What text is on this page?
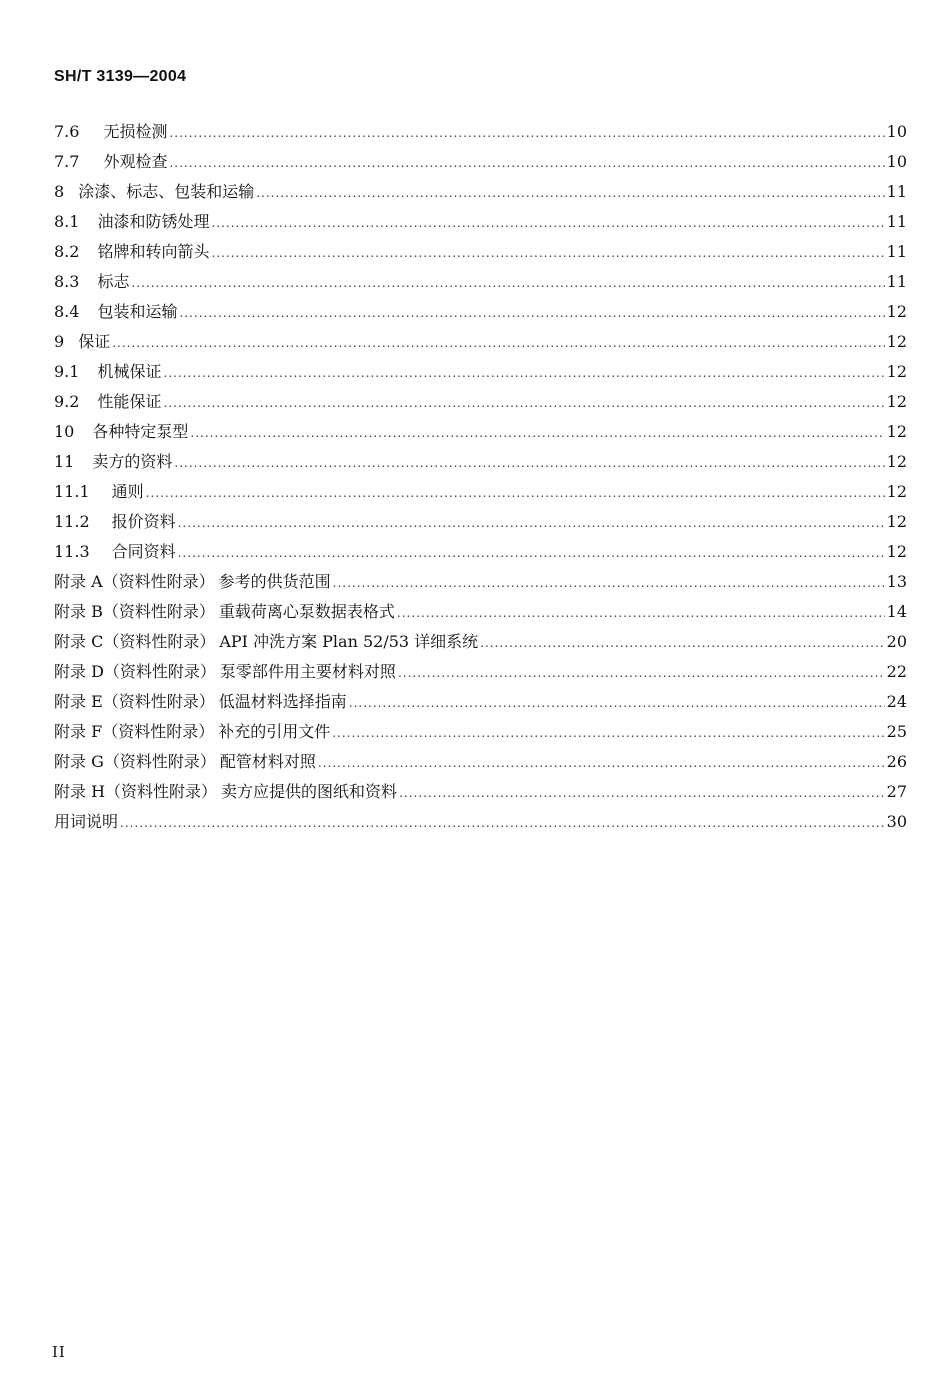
SH/T 3139—2004
7.6 无损检测 .....	10
7.7 外观检查 .....	10
8 涂漆、标志、包装和运输 .....	11
8.1 油漆和防锈处理 .....	11
8.2 铭牌和转向箭头 .....	11
8.3 标志 .....	11
8.4 包装和运输 .....	12
9 保证 .....	12
9.1 机械保证 .....	12
9.2 性能保证 .....	12
10 各种特定泵型 .....	12
11 卖方的资料 .....	12
11.1 通则 .....	12
11.2 报价资料 .....	12
11.3 合同资料 .....	12
附录 A（资料性附录） 参考的供货范围 .....	13
附录 B（资料性附录） 重载荷离心泵数据表格式 .....	14
附录 C（资料性附录） API 冲洗方案 Plan 52/53 详细系统 .....	20
附录 D（资料性附录） 泵零部件用主要材料对照 .....	22
附录 E（资料性附录） 低温材料选择指南 .....	24
附录 F（资料性附录） 补充的引用文件 .....	25
附录 G（资料性附录） 配管材料对照 .....	26
附录 H（资料性附录） 卖方应提供的图纸和资料 .....	27
用词说明 .....	30
II
